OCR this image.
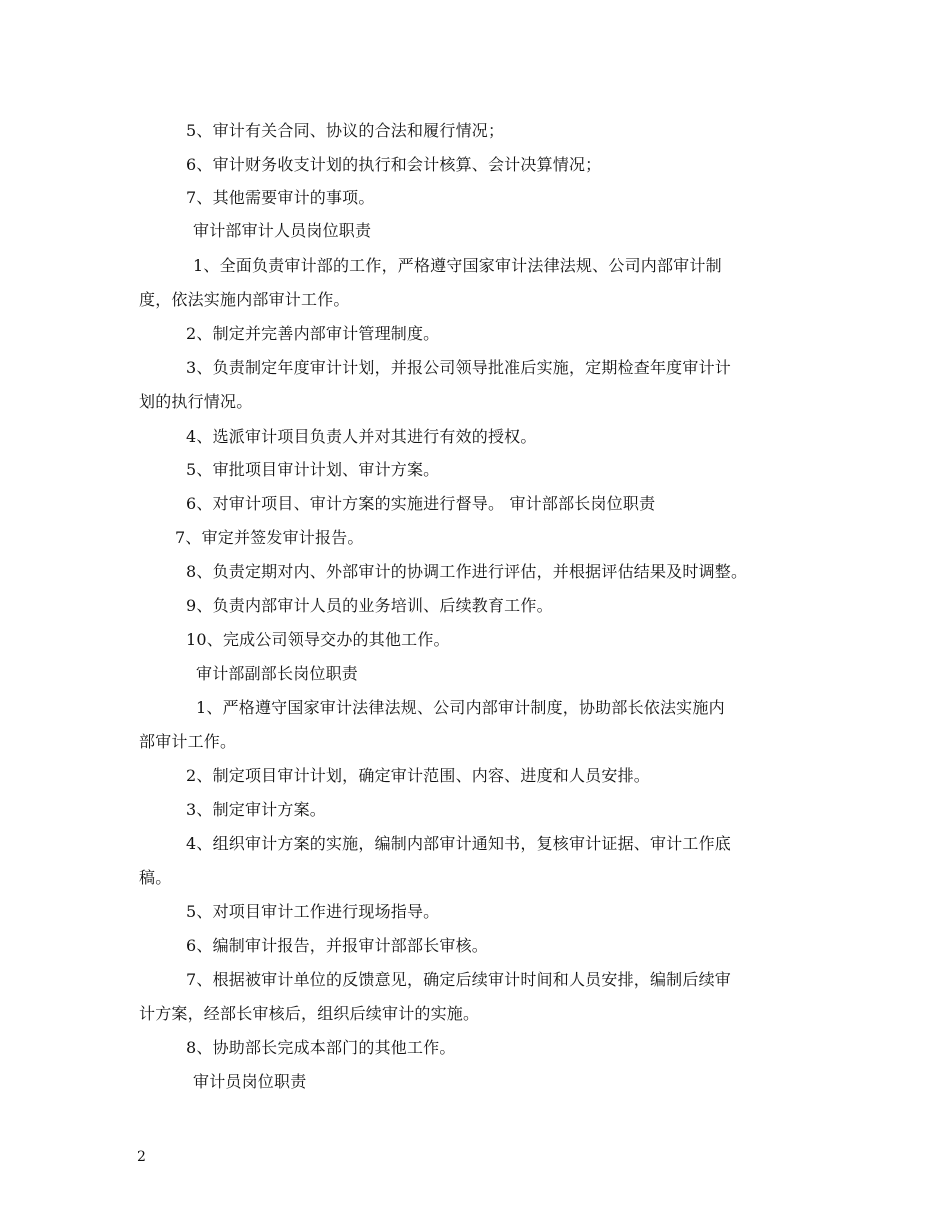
5、审计有关合同、协议的合法和履行情况；
6、审计财务收支计划的执行和会计核算、会计决算情况；
7、其他需要审计的事项。
审计部审计人员岗位职责
1、全面负责审计部的工作，严格遵守国家审计法律法规、公司内部审计制
度，依法实施内部审计工作。
2、制定并完善内部审计管理制度。
3、负责制定年度审计计划，并报公司领导批准后实施，定期检查年度审计计
划的执行情况。
4、选派审计项目负责人并对其进行有效的授权。
5、审批项目审计计划、审计方案。
6、对审计项目、审计方案的实施进行督导。 审计部部长岗位职责
7、审定并签发审计报告。
8、负责定期对内、外部审计的协调工作进行评估，并根据评估结果及时调整。
9、负责内部审计人员的业务培训、后续教育工作。
10、完成公司领导交办的其他工作。
审计部副部长岗位职责
1、严格遵守国家审计法律法规、公司内部审计制度，协助部长依法实施内
部审计工作。
2、制定项目审计计划，确定审计范围、内容、进度和人员安排。
3、制定审计方案。
4、组织审计方案的实施，编制内部审计通知书，复核审计证据、审计工作底
稿。
5、对项目审计工作进行现场指导。
6、编制审计报告，并报审计部部长审核。
7、根据被审计单位的反馈意见，确定后续审计时间和人员安排，编制后续审
计方案，经部长审核后，组织后续审计的实施。
8、协助部长完成本部门的其他工作。
审计员岗位职责
2
